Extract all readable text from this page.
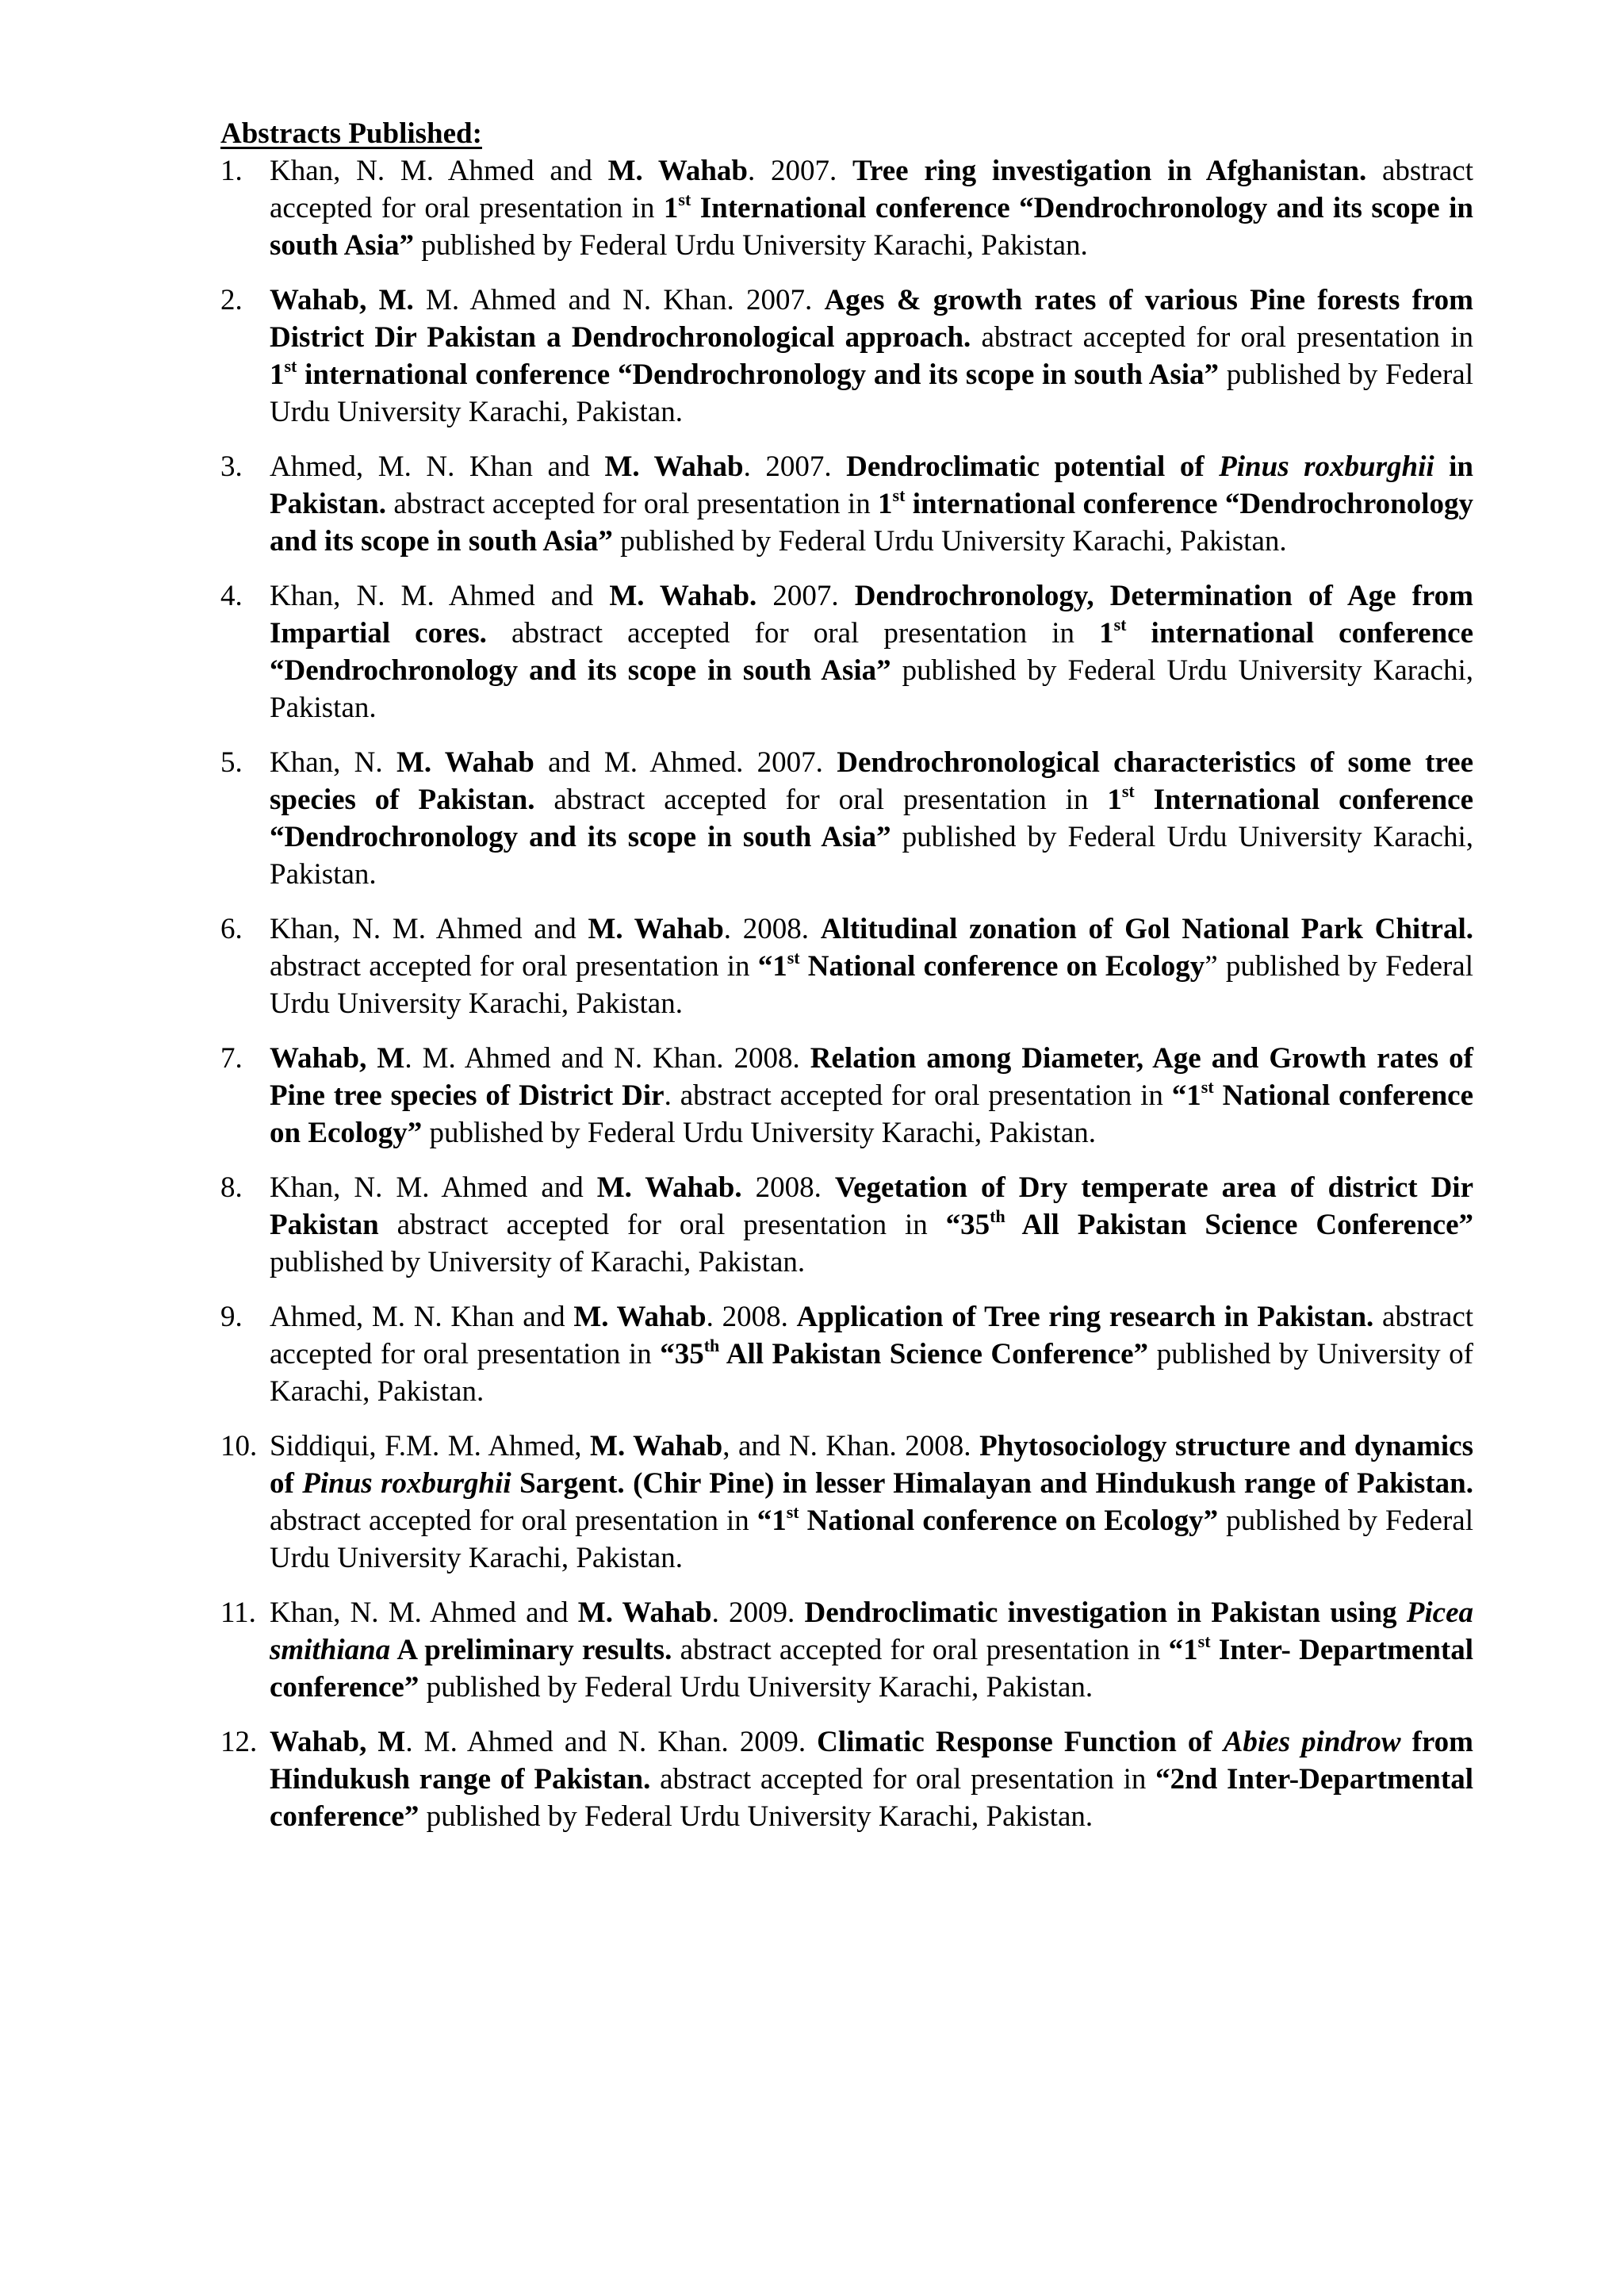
Abstracts Published:
1. Khan, N. M. Ahmed and M. Wahab. 2007. Tree ring investigation in Afghanistan. abstract accepted for oral presentation in 1st International conference “Dendrochronology and its scope in south Asia” published by Federal Urdu University Karachi, Pakistan.
2. Wahab, M. M. Ahmed and N. Khan. 2007. Ages & growth rates of various Pine forests from District Dir Pakistan a Dendrochronological approach. abstract accepted for oral presentation in 1st international conference “Dendrochronology and its scope in south Asia” published by Federal Urdu University Karachi, Pakistan.
3. Ahmed, M. N. Khan and M. Wahab. 2007. Dendroclimatic potential of Pinus roxburghii in Pakistan. abstract accepted for oral presentation in 1st international conference “Dendrochronology and its scope in south Asia” published by Federal Urdu University Karachi, Pakistan.
4. Khan, N. M. Ahmed and M. Wahab. 2007. Dendrochronology, Determination of Age from Impartial cores. abstract accepted for oral presentation in 1st international conference “Dendrochronology and its scope in south Asia” published by Federal Urdu University Karachi, Pakistan.
5. Khan, N. M. Wahab and M. Ahmed. 2007. Dendrochronological characteristics of some tree species of Pakistan. abstract accepted for oral presentation in 1st International conference “Dendrochronology and its scope in south Asia” published by Federal Urdu University Karachi, Pakistan.
6. Khan, N. M. Ahmed and M. Wahab. 2008. Altitudinal zonation of Gol National Park Chitral. abstract accepted for oral presentation in “1st National conference on Ecology” published by Federal Urdu University Karachi, Pakistan.
7. Wahab, M. M. Ahmed and N. Khan. 2008. Relation among Diameter, Age and Growth rates of Pine tree species of District Dir. abstract accepted for oral presentation in “1st National conference on Ecology” published by Federal Urdu University Karachi, Pakistan.
8. Khan, N. M. Ahmed and M. Wahab. 2008. Vegetation of Dry temperate area of district Dir Pakistan abstract accepted for oral presentation in “35th All Pakistan Science Conference” published by University of Karachi, Pakistan.
9. Ahmed, M. N. Khan and M. Wahab. 2008. Application of Tree ring research in Pakistan. abstract accepted for oral presentation in “35th All Pakistan Science Conference” published by University of Karachi, Pakistan.
10. Siddiqui, F.M. M. Ahmed, M. Wahab, and N. Khan. 2008. Phytosociology structure and dynamics of Pinus roxburghii Sargent. (Chir Pine) in lesser Himalayan and Hindukush range of Pakistan. abstract accepted for oral presentation in “1st National conference on Ecology” published by Federal Urdu University Karachi, Pakistan.
11. Khan, N. M. Ahmed and M. Wahab. 2009. Dendroclimatic investigation in Pakistan using Picea smithiana A preliminary results. abstract accepted for oral presentation in “1st Inter- Departmental conference” published by Federal Urdu University Karachi, Pakistan.
12. Wahab, M. M. Ahmed and N. Khan. 2009. Climatic Response Function of Abies pindrow from Hindukush range of Pakistan. abstract accepted for oral presentation in “2nd Inter-Departmental conference” published by Federal Urdu University Karachi, Pakistan.
